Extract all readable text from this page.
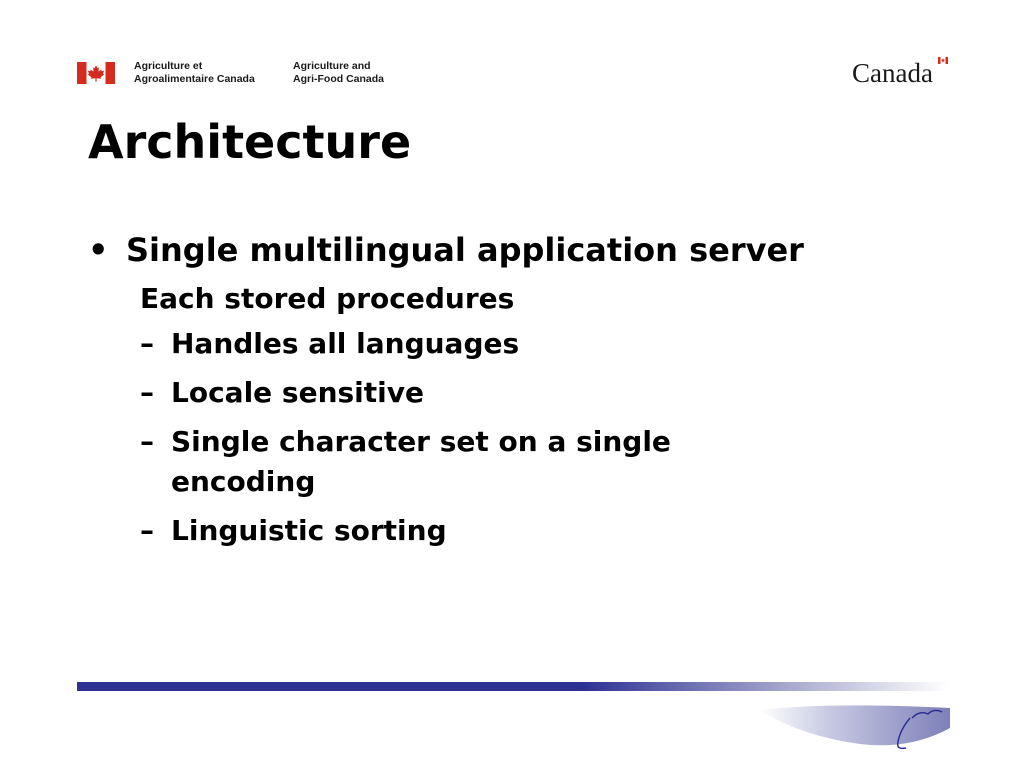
Agriculture et
Agroalimentaire Canada
Agriculture and
Agri-Food Canada	Canada
Architecture
• Single multilingual application server
Each stored procedures
– Handles all languages
– Locale sensitive
– Single character set on a single encoding
– Linguistic sorting
